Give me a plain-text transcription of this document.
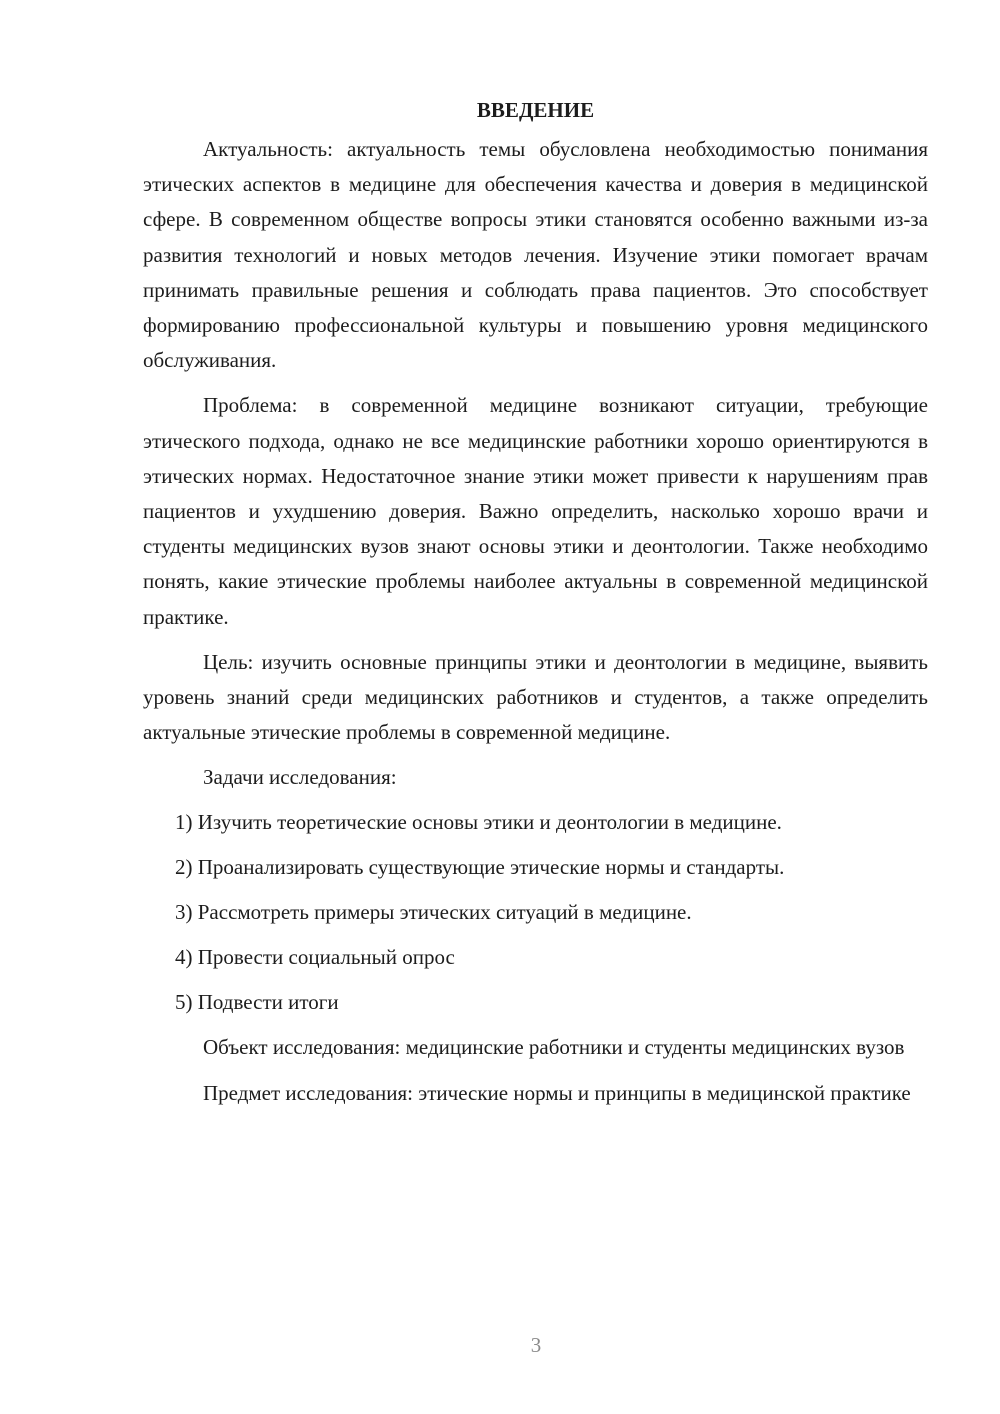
ВВЕДЕНИЕ

Актуальность: актуальность темы обусловлена необходимостью понимания этических аспектов в медицине для обеспечения качества и доверия в медицинской сфере. В современном обществе вопросы этики становятся особенно важными из-за развития технологий и новых методов лечения. Изучение этики помогает врачам принимать правильные решения и соблюдать права пациентов. Это способствует формированию профессиональной культуры и повышению уровня медицинского обслуживания.

Проблема: в современной медицине возникают ситуации, требующие этического подхода, однако не все медицинские работники хорошо ориентируются в этических нормах. Недостаточное знание этики может привести к нарушениям прав пациентов и ухудшению доверия. Важно определить, насколько хорошо врачи и студенты медицинских вузов знают основы этики и деонтологии. Также необходимо понять, какие этические проблемы наиболее актуальны в современной медицинской практике.

Цель: изучить основные принципы этики и деонтологии в медицине, выявить уровень знаний среди медицинских работников и студентов, а также определить актуальные этические проблемы в современной медицине.

Задачи исследования:

1) Изучить теоретические основы этики и деонтологии в медицине.

2) Проанализировать существующие этические нормы и стандарты.

3) Рассмотреть примеры этических ситуаций в медицине.

4) Провести социальный опрос

5) Подвести итоги

Объект исследования: медицинские работники и студенты медицинских вузов

Предмет исследования: этические нормы и принципы в медицинской практике

3
